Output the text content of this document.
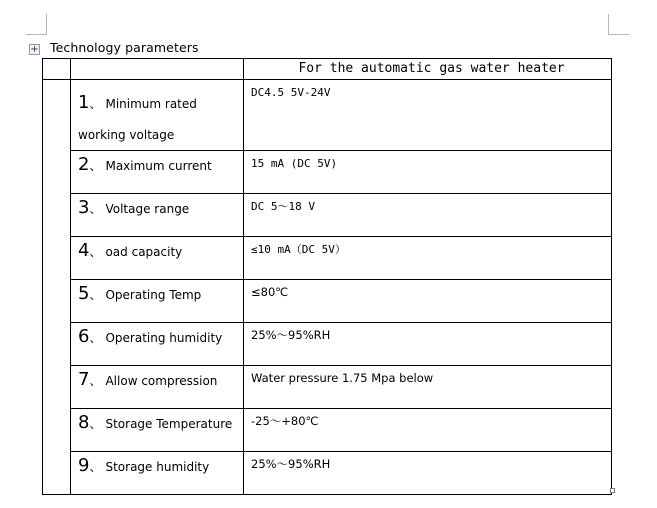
+ Technology parameters

		For the automatic gas water heater

	1、 Minimum rated working voltage	DC4.5 5V-24V

	2、 Maximum current	15 mA (DC 5V)

	3、 Voltage range	DC 5～18 V

	4、 oad capacity	≤10 mA（DC 5V）

	5、 Operating Temp	≤80℃

	6、 Operating humidity	25%～95%RH

	7、 Allow compression	Water pressure 1.75 Mpa below

	8、 Storage Temperature	-25～+80℃

	9、 Storage humidity	25%～95%RH
